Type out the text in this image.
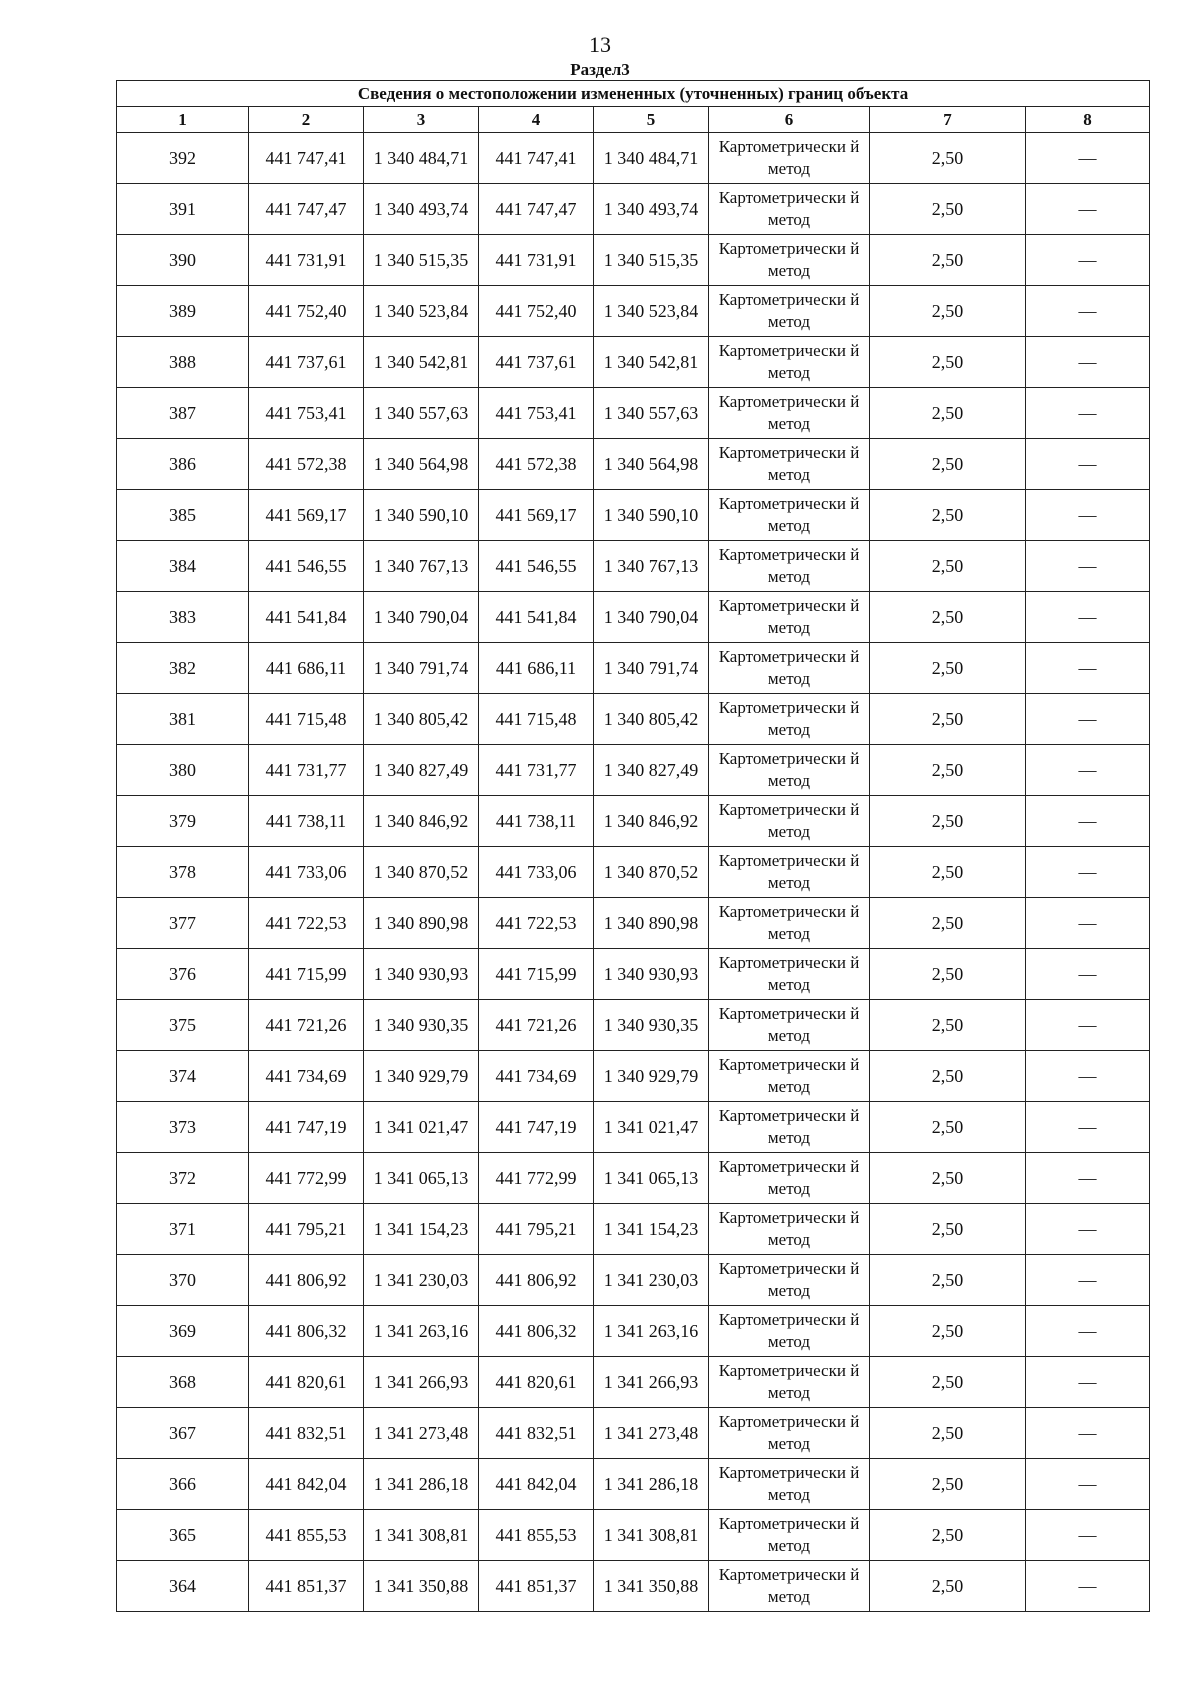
13
Раздел3
Сведения о местоположении измененных (уточненных) границ объекта							
1	2	3	4	5	6	7	8
392	441 747,41	1 340 484,71	441 747,41	1 340 484,71	Картометрически й метод	2,50	—
391	441 747,47	1 340 493,74	441 747,47	1 340 493,74	Картометрически й метод	2,50	—
390	441 731,91	1 340 515,35	441 731,91	1 340 515,35	Картометрически й метод	2,50	—
389	441 752,40	1 340 523,84	441 752,40	1 340 523,84	Картометрически й метод	2,50	—
388	441 737,61	1 340 542,81	441 737,61	1 340 542,81	Картометрически й метод	2,50	—
387	441 753,41	1 340 557,63	441 753,41	1 340 557,63	Картометрически й метод	2,50	—
386	441 572,38	1 340 564,98	441 572,38	1 340 564,98	Картометрически й метод	2,50	—
385	441 569,17	1 340 590,10	441 569,17	1 340 590,10	Картометрически й метод	2,50	—
384	441 546,55	1 340 767,13	441 546,55	1 340 767,13	Картометрически й метод	2,50	—
383	441 541,84	1 340 790,04	441 541,84	1 340 790,04	Картометрически й метод	2,50	—
382	441 686,11	1 340 791,74	441 686,11	1 340 791,74	Картометрически й метод	2,50	—
381	441 715,48	1 340 805,42	441 715,48	1 340 805,42	Картометрически й метод	2,50	—
380	441 731,77	1 340 827,49	441 731,77	1 340 827,49	Картометрически й метод	2,50	—
379	441 738,11	1 340 846,92	441 738,11	1 340 846,92	Картометрически й метод	2,50	—
378	441 733,06	1 340 870,52	441 733,06	1 340 870,52	Картометрически й метод	2,50	—
377	441 722,53	1 340 890,98	441 722,53	1 340 890,98	Картометрически й метод	2,50	—
376	441 715,99	1 340 930,93	441 715,99	1 340 930,93	Картометрически й метод	2,50	—
375	441 721,26	1 340 930,35	441 721,26	1 340 930,35	Картометрически й метод	2,50	—
374	441 734,69	1 340 929,79	441 734,69	1 340 929,79	Картометрически й метод	2,50	—
373	441 747,19	1 341 021,47	441 747,19	1 341 021,47	Картометрически й метод	2,50	—
372	441 772,99	1 341 065,13	441 772,99	1 341 065,13	Картометрически й метод	2,50	—
371	441 795,21	1 341 154,23	441 795,21	1 341 154,23	Картометрически й метод	2,50	—
370	441 806,92	1 341 230,03	441 806,92	1 341 230,03	Картометрически й метод	2,50	—
369	441 806,32	1 341 263,16	441 806,32	1 341 263,16	Картометрически й метод	2,50	—
368	441 820,61	1 341 266,93	441 820,61	1 341 266,93	Картометрически й метод	2,50	—
367	441 832,51	1 341 273,48	441 832,51	1 341 273,48	Картометрически й метод	2,50	—
366	441 842,04	1 341 286,18	441 842,04	1 341 286,18	Картометрически й метод	2,50	—
365	441 855,53	1 341 308,81	441 855,53	1 341 308,81	Картометрически й метод	2,50	—
364	441 851,37	1 341 350,88	441 851,37	1 341 350,88	Картометрически й метод	2,50	—
